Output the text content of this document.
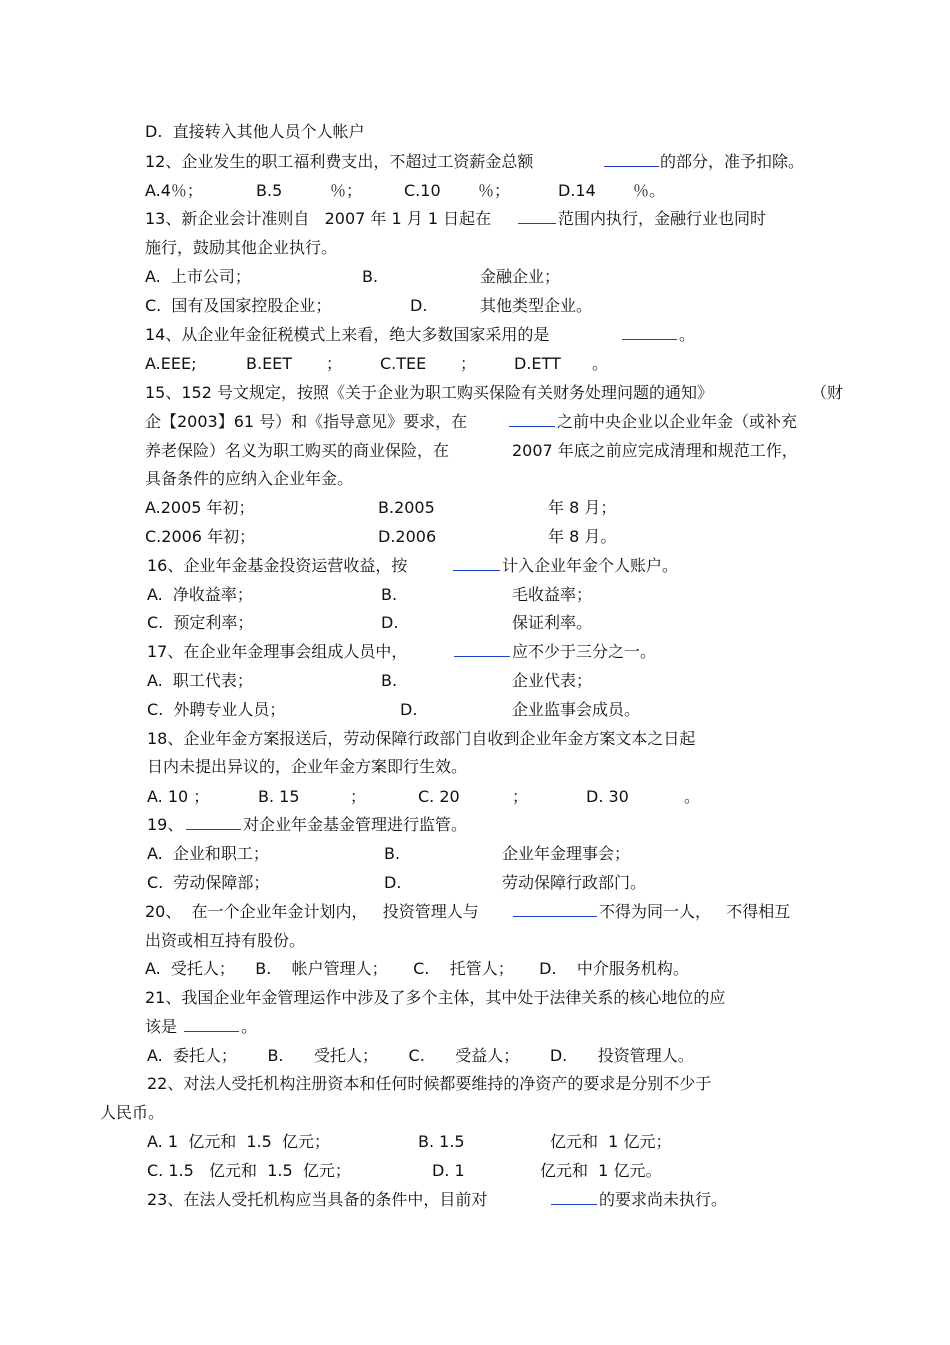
D.  直接转入其他人员个人帐户
12、企业发生的职工福利费支出，不超过工资薪金总额	的部分，准予扣除。
A.4％；	B.5	％；	C.10 ％；	D.14 ％。
13、新企业会计准则自   2007 年 1 月 1 日起在	范围内执行，金融行业也同时
施行，鼓励其他企业执行。
A.  上市公司；	B.	金融企业；
C.  国有及国家控股企业；	D.	其他类型企业。
14、从企业年金征税模式上来看，绝大多数国家采用的是	。
A.EEE;	B.EET ； C.TEE ； D.ETT 。
15、152 号文规定，按照《关于企业为职工购买保险有关财务处理问题的通知》	（财
企【2003】61 号）和《指导意见》要求，在	之前中央企业以企业年金（或补充
养老保险）名义为职工购买的商业保险，在	2007 年底之前应完成清理和规范工作，
具备条件的应纳入企业年金。
A.2005 年初；	B.2005	年 8 月；
C.2006 年初；	D.2006	年 8 月。
16、企业年金基金投资运营收益，按	计入企业年金个人账户。
A.  净收益率；	B.	毛收益率；
C.  预定利率；	D.	保证利率。
17、在企业年金理事会组成人员中，	应不少于三分之一。
A.  职工代表；	B.	企业代表；
C.  外聘专业人员；	D.	企业监事会成员。
18、企业年金方案报送后，劳动保障行政部门自收到企业年金方案文本之日起
日内未提出异议的，企业年金方案即行生效。
A. 10 ；	B. 15	；	C. 20	；	D. 30	。
19、	对企业年金基金管理进行监管。
A.  企业和职工；	B.	企业年金理事会；
C.  劳动保障部；	D.	劳动保障行政部门。
20、  在一个企业年金计划内，   投资管理人与	不得为同一人，   不得相互
出资或相互持有股份。
A.  受托人；    B.    帐户管理人；     C.    托管人；     D.    中介服务机构。
21、我国企业年金管理运作中涉及了多个主体，其中处于法律关系的核心地位的应
该是	。
A.  委托人；      B.      受托人；      C.      受益人；      D.      投资管理人。
22、对法人受托机构注册资本和任何时候都要维持的净资产的要求是分别不少于
人民币。
A. 1  亿元和  1.5  亿元；	B. 1.5	亿元和  1 亿元；
C. 1.5   亿元和  1.5  亿元；	D. 1	亿元和  1 亿元。
23、在法人受托机构应当具备的条件中，目前对	的要求尚未执行。
